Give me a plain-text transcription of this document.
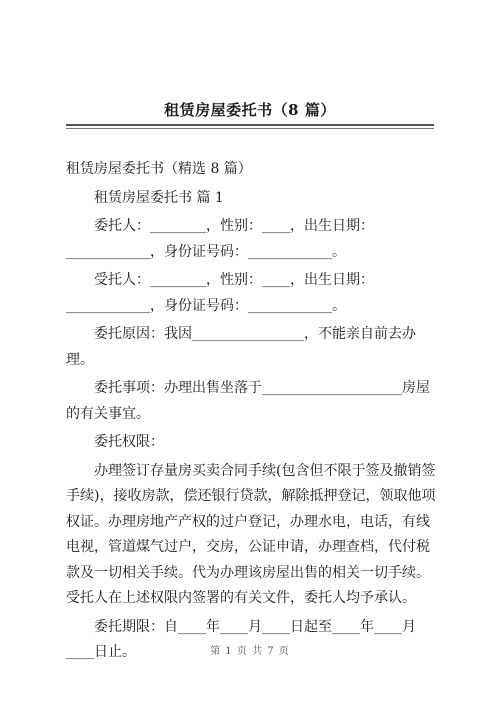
租赁房屋委托书（8 篇）

租赁房屋委托书（精选 8 篇）

租赁房屋委托书 篇 1

委托人：________，性别：____，出生日期：____________，身份证号码：____________。

受托人：________，性别：____，出生日期：____________，身份证号码：____________。

委托原因：我因________________，不能亲自前去办理。

委托事项：办理出售坐落于____________________房屋的有关事宜。

委托权限：

办理签订存量房买卖合同手续(包含但不限于签及撤销签手续)，接收房款，偿还银行贷款，解除抵押登记，领取他项权证。办理房地产产权的过户登记，办理水电，电话，有线电视，管道煤气过户，交房，公证申请，办理查档，代付税款及一切相关手续。代为办理该房屋出售的相关一切手续。受托人在上述权限内签署的有关文件，委托人均予承认。

委托期限：自____年____月____日起至____年____月____日止。	第 1 页 共 7 页
